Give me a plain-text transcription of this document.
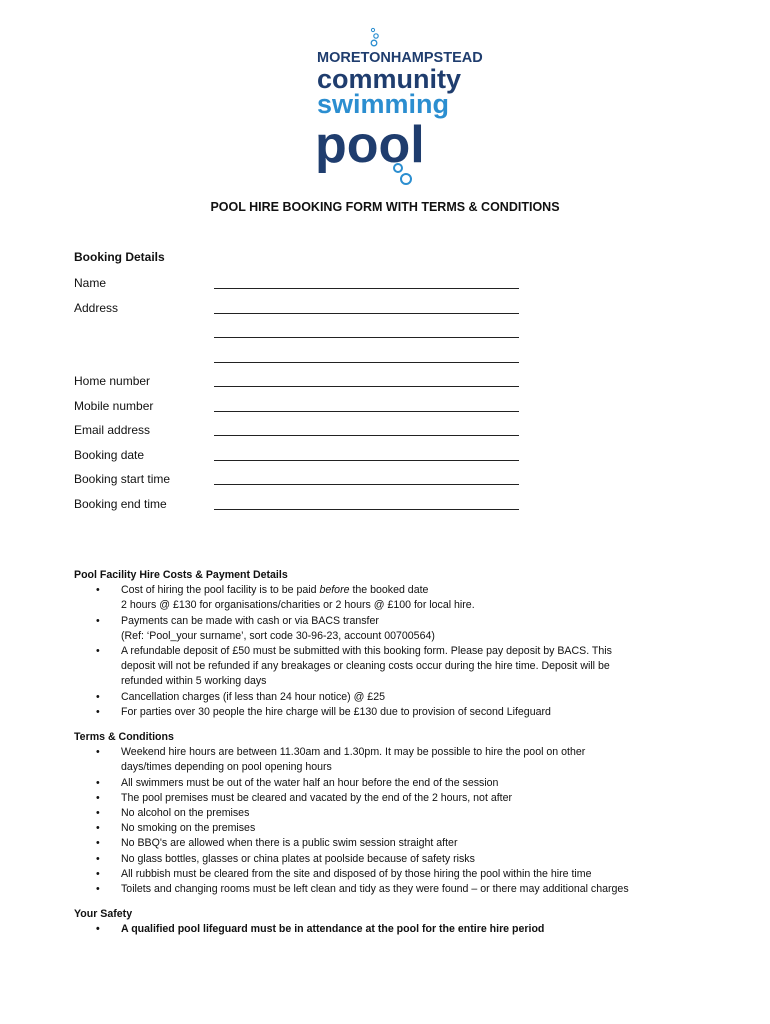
MORETONHAMPSTEAD
community
swimming
pool
POOL HIRE BOOKING FORM WITH TERMS & CONDITIONS
Booking Details
Name
Address
Home number
Mobile number
Email address
Booking date
Booking start time
Booking end time
Pool Facility Hire Costs & Payment Details
• Cost of hiring the pool facility is to be paid before the booked date
2 hours @ £130 for organisations/charities or 2 hours @ £100 for local hire.
• Payments can be made with cash or via BACS transfer
(Ref: ‘Pool_your surname’, sort code 30-96-23, account 00700564)
• A refundable deposit of £50 must be submitted with this booking form. Please pay deposit by BACS. This
deposit will not be refunded if any breakages or cleaning costs occur during the hire time. Deposit will be
refunded within 5 working days
• Cancellation charges (if less than 24 hour notice) @ £25
• For parties over 30 people the hire charge will be £130 due to provision of second Lifeguard
Terms & Conditions
• Weekend hire hours are between 11.30am and 1.30pm. It may be possible to hire the pool on other
days/times depending on pool opening hours
• All swimmers must be out of the water half an hour before the end of the session
• The pool premises must be cleared and vacated by the end of the 2 hours, not after
• No alcohol on the premises
• No smoking on the premises
• No BBQ's are allowed when there is a public swim session straight after
• No glass bottles, glasses or china plates at poolside because of safety risks
• All rubbish must be cleared from the site and disposed of by those hiring the pool within the hire time
• Toilets and changing rooms must be left clean and tidy as they were found – or there may additional charges
Your Safety
• A qualified pool lifeguard must be in attendance at the pool for the entire hire period
